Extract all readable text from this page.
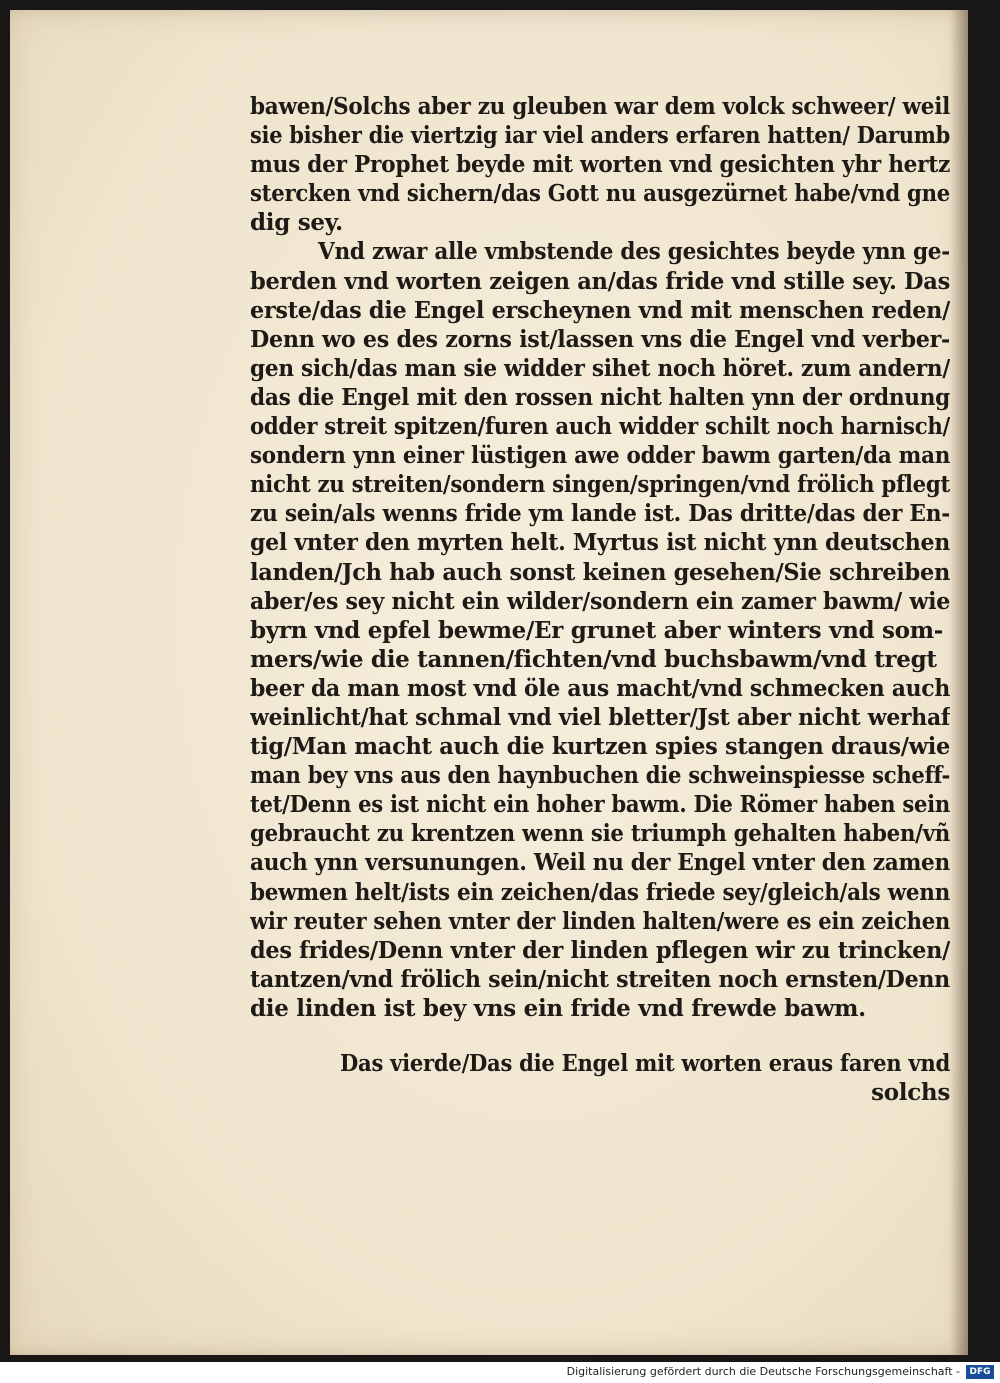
bawen/Solchs aber zu gleuben war dem volck schweer/ weil
sie bisher die viertzig iar viel anders erfaren hatten/ Darumb
mus der Prophet beyde mit worten vnd gesichten yhr hertz
stercken vnd sichern/das Gott nu ausgezürnet habe/vnd gne
dig sey.
Vnd zwar alle vmbstende des gesichtes beyde ynn ge-
berden vnd worten zeigen an/das fride vnd stille sey. Das
erste/das die Engel erscheynen vnd mit menschen reden/
Denn wo es des zorns ist/lassen vns die Engel vnd verber-
gen sich/das man sie widder sihet noch höret. zum andern/
das die Engel mit den rossen nicht halten ynn der ordnung
odder streit spitzen/furen auch widder schilt noch harnisch/
sondern ynn einer lüstigen awe odder bawm garten/da man
nicht zu streiten/sondern singen/springen/vnd frölich pflegt
zu sein/als wenns fride ym lande ist. Das dritte/das der En-
gel vnter den myrten helt. Myrtus ist nicht ynn deutschen
landen/Jch hab auch sonst keinen gesehen/Sie schreiben
aber/es sey nicht ein wilder/sondern ein zamer bawm/ wie
byrn vnd epfel bewme/Er grunet aber winters vnd som-
mers/wie die tannen/fichten/vnd buchsbawm/vnd tregt
beer da man most vnd öle aus macht/vnd schmecken auch
weinlicht/hat schmal vnd viel bletter/Jst aber nicht werhaf
tig/Man macht auch die kurtzen spies stangen draus/wie
man bey vns aus den haynbuchen die schweinspiesse scheff-
tet/Denn es ist nicht ein hoher bawm. Die Römer haben sein
gebraucht zu krentzen wenn sie triumph gehalten haben/vñ
auch ynn versunungen. Weil nu der Engel vnter den zamen
bewmen helt/ists ein zeichen/das friede sey/gleich/als wenn
wir reuter sehen vnter der linden halten/were es ein zeichen
des frides/Denn vnter der linden pflegen wir zu trincken/
tantzen/vnd frölich sein/nicht streiten noch ernsten/Denn
die linden ist bey vns ein fride vnd frewde bawm.
Das vierde/Das die Engel mit worten eraus faren vnd
solchs
Digitalisierung gefördert durch die Deutsche Forschungsgemeinschaft -	DFG
